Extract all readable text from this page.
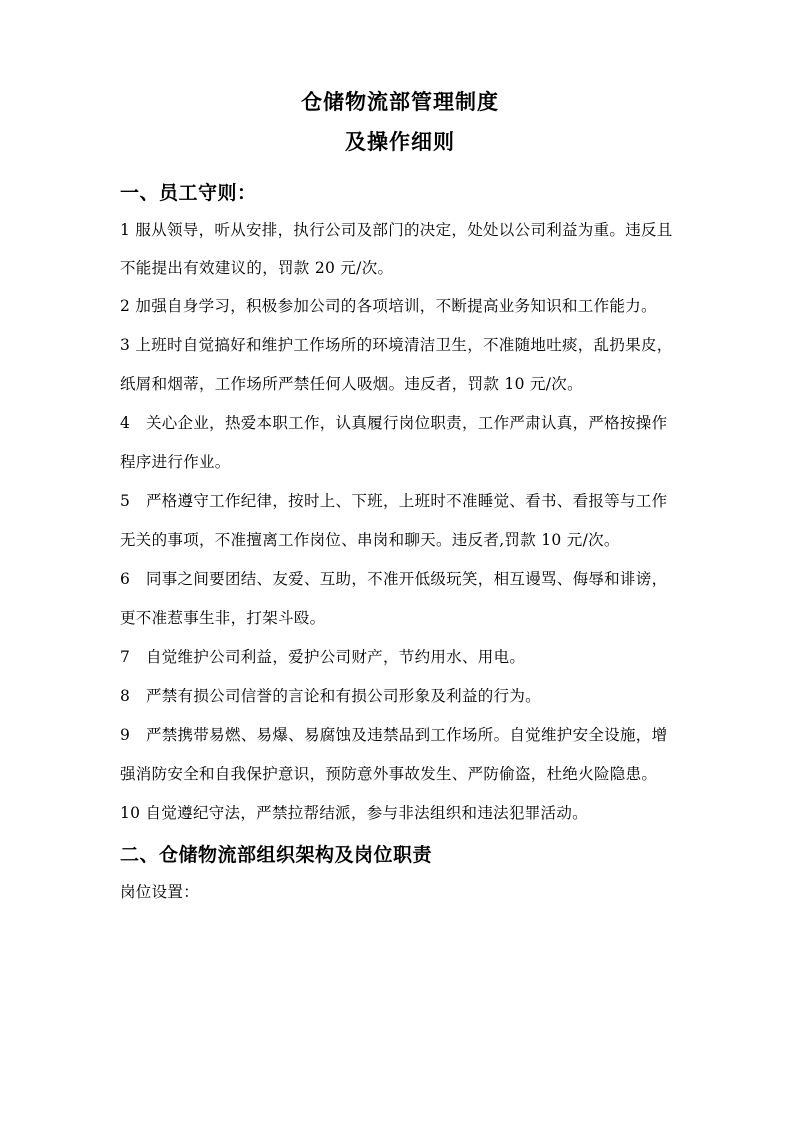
仓储物流部管理制度
及操作细则
一、员工守则：
1 服从领导，听从安排，执行公司及部门的决定，处处以公司利益为重。违反且
不能提出有效建议的，罚款 20 元/次。
2 加强自身学习，积极参加公司的各项培训，不断提高业务知识和工作能力。
3 上班时自觉搞好和维护工作场所的环境清洁卫生，不准随地吐痰，乱扔果皮，
纸屑和烟蒂，工作场所严禁任何人吸烟。违反者，罚款 10 元/次。
4　关心企业，热爱本职工作，认真履行岗位职责，工作严肃认真，严格按操作
程序进行作业。
5　严格遵守工作纪律，按时上、下班，上班时不准睡觉、看书、看报等与工作
无关的事项，不准擅离工作岗位、串岗和聊天。违反者,罚款 10 元/次。
6　同事之间要团结、友爱、互助，不准开低级玩笑，相互谩骂、侮辱和诽谤，
更不准惹事生非，打架斗殴。
7　自觉维护公司利益，爱护公司财产，节约用水、用电。
8　严禁有损公司信誉的言论和有损公司形象及利益的行为。
9　严禁携带易燃、易爆、易腐蚀及违禁品到工作场所。自觉维护安全设施，增
强消防安全和自我保护意识，预防意外事故发生、严防偷盗，杜绝火险隐患。
10 自觉遵纪守法，严禁拉帮结派，参与非法组织和违法犯罪活动。
二、仓储物流部组织架构及岗位职责
岗位设置：
